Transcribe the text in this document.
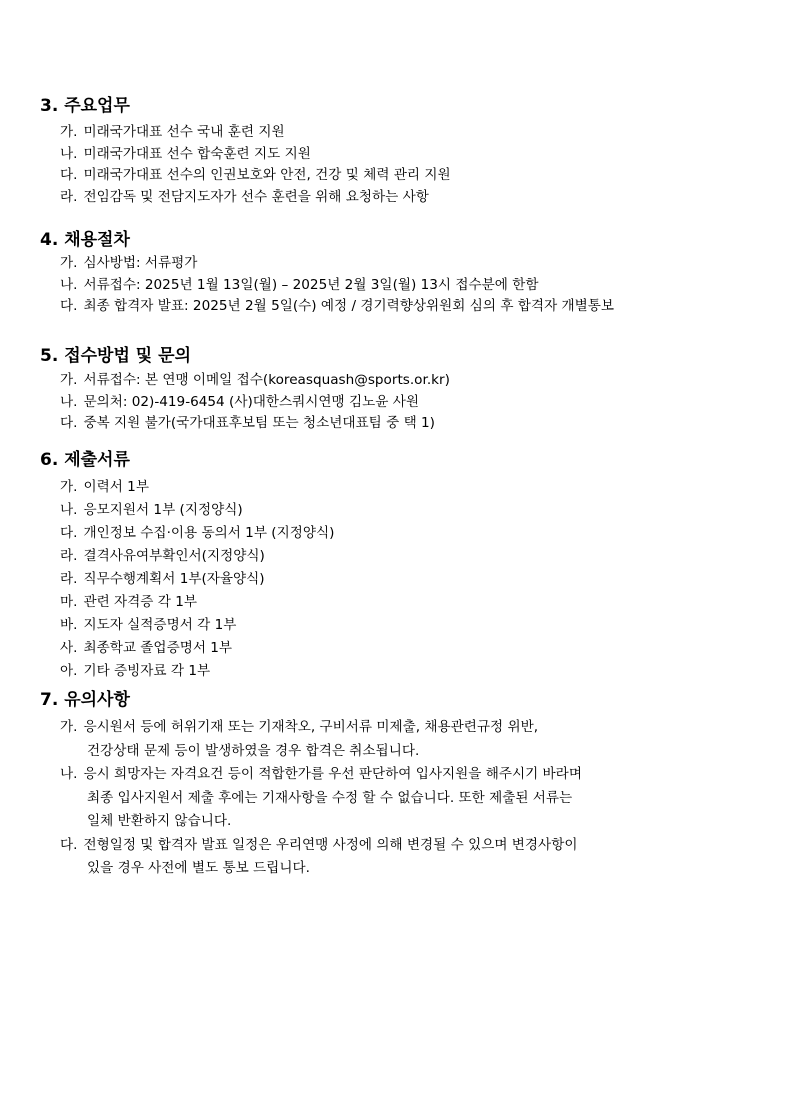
3. 주요업무
가. 미래국가대표 선수 국내 훈련 지원
나. 미래국가대표 선수 합숙훈련 지도 지원
다. 미래국가대표 선수의 인권보호와 안전, 건강 및 체력 관리 지원
라. 전임감독 및 전담지도자가 선수 훈련을 위해 요청하는 사항
4. 채용절차
가. 심사방법: 서류평가
나. 서류접수: 2025년 1월 13일(월) – 2025년 2월 3일(월) 13시 접수분에 한함
다. 최종 합격자 발표: 2025년 2월 5일(수) 예정 / 경기력향상위원회 심의 후 합격자 개별통보
5. 접수방법 및 문의
가. 서류접수: 본 연맹 이메일 접수(koreasquash@sports.or.kr)
나. 문의처: 02)-419-6454 (사)대한스쿼시연맹 김노윤 사원
다. 중복 지원 불가(국가대표후보팀 또는 청소년대표팀 중 택 1)
6. 제출서류
가. 이력서 1부
나. 응모지원서 1부 (지정양식)
다. 개인정보 수집·이용 동의서 1부 (지정양식)
라. 결격사유여부확인서(지정양식)
라. 직무수행계획서 1부(자율양식)
마. 관련 자격증 각 1부
바. 지도자 실적증명서 각 1부
사. 최종학교 졸업증명서 1부
아. 기타 증빙자료 각 1부
7. 유의사항
가. 응시원서 등에 허위기재 또는 기재착오, 구비서류 미제출, 채용관련규정 위반,
건강상태 문제 등이 발생하였을 경우 합격은 취소됩니다.
나. 응시 희망자는 자격요건 등이 적합한가를 우선 판단하여 입사지원을 해주시기 바라며
최종 입사지원서 제출 후에는 기재사항을 수정 할 수 없습니다. 또한 제출된 서류는
일체 반환하지 않습니다.
다. 전형일정 및 합격자 발표 일정은 우리연맹 사정에 의해 변경될 수 있으며 변경사항이
있을 경우 사전에 별도 통보 드립니다.
